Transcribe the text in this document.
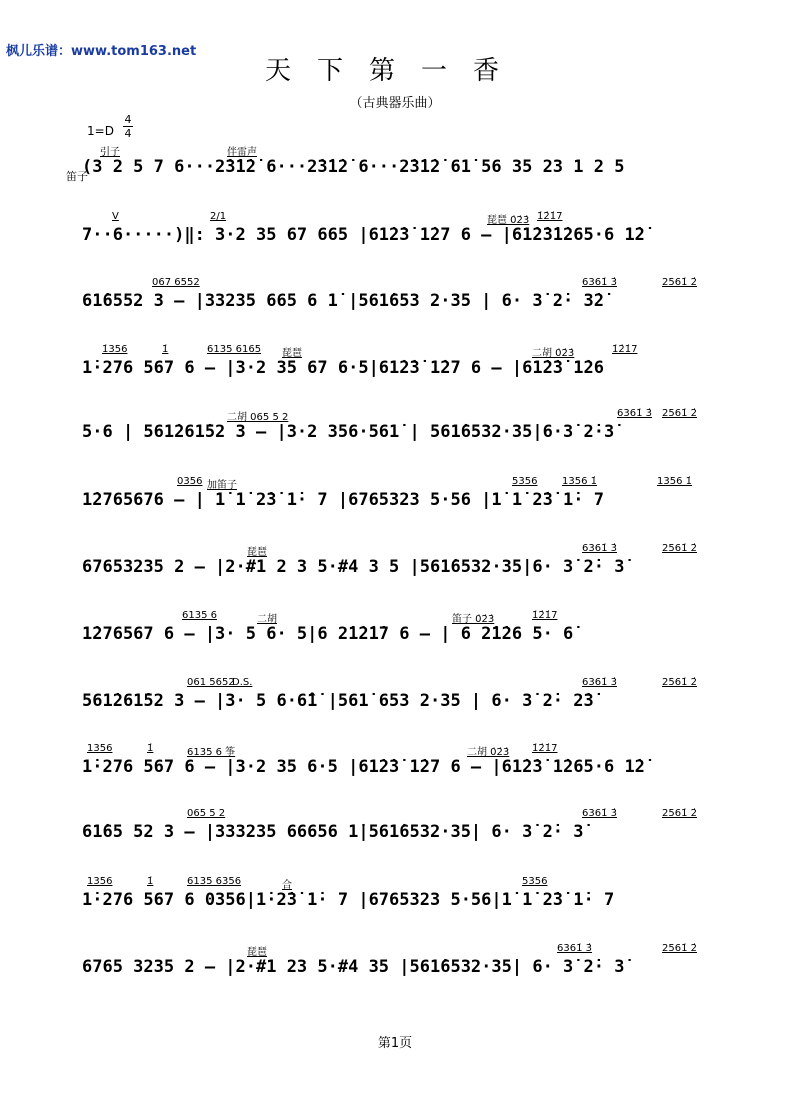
枫儿乐谱：www.tom163.net
天下第一香
（古典器乐曲）
1=D
4
4
笛子
引子	伴雷声
(3 2 5 7 6···2̇3̇1̇2̇ 6···2̇3̇1̇2̇ 6···2̇3̇1̇2̇ 61̇ 56 35 23 1 2 5
V	2/1	琵琶 0̇2̇3̇ 1̇2̇1̇7
7··6·····)‖: 3·2 35 67 665 |61̇2̇3̇ 1̇27 6 – |61̇2̇3̇1̇265·6 1̇2̇
067 6552	6361̇ 3̇	2561̇ 2̇
61̇6552 3 – |33235 665 6 1̇ |561̇653 2·35 | 6· 3̇ 2̇· 3̇2̇
1̇356	1̇	6135 6165 琵琶	二胡 0̇2̇3̇	1̇2̇1̇7
1̇·276 567 6 – |3·2 35 67 6·5|61̇2̇3̇ 1̇27 6 – |61̇2̇3̇ 1̇26
二胡 065 5 2	6361̇ 3̇ 2561̇ 2̇
5·6 | 561̇261̇52 3 – |3·2 356·561̇ | 561̇6532·35|6·3̇ 2̇·3̇
0356 加笛子	5356 1356 1̇	1356 1̇
1̇2765676 – | 1̇ 1̇ 2̇3̇ 1̇· 7 |6765323 5·56 |1̇ 1̇ 2̇3̇ 1̇· 7
琵琶	6361̇ 3̇	2561̇ 2̇
6765323​5 2 – |2·#1 2 3 5·#4 3 5 |561̇6532·35|6· 3̇ 2̇· 3̇
6135 6	二胡	笛子 0̇2̇3̇	1̇2̇1̇7
1̇276567 6 – |3· 5 6· 5|6 2̇1̇2̇1̇7 6 – | 6 2̇1̇26 5· 6̇
D.S.
061 5652	6361̇ 3̇	2561̇ 2̇
561̇261̇52 3 – |3· 5 6·6̂1̇ |561̇ 653 2·35 | 6· 3̇ 2̇· 2̇3̇
1356	1̇	6135 6 筝	二胡 0̇2̇3̇ 1̇2̇1̇7
1̇·276 567 6 – |3·2 35 6·5 |61̇2̇3̇ 1̇27 6 – |61̇2̇3̇ 1̇265·6 1̇2̇
065 5 2	6361̇ 3̇	2561̇ 2̇
61̇65 52 3 – |333235 66656 1̇|561̇6532·35| 6· 3̇ 2̇· 3̇
1356	1̇	6135 6356	合	5356
1̇·276 567 6 0356|1̇·2̇3̇ 1̇· 7 |6765323 5·56|1̇ 1̇ 2̇3̇ 1̇· 7
琵琶	6361̇ 3̇	2561̇ 2̇
6765 3235 2 – |2·#1 23 5·#4 35 |561̇6532·35| 6· 3̇ 2̇· 3̇
第1页
